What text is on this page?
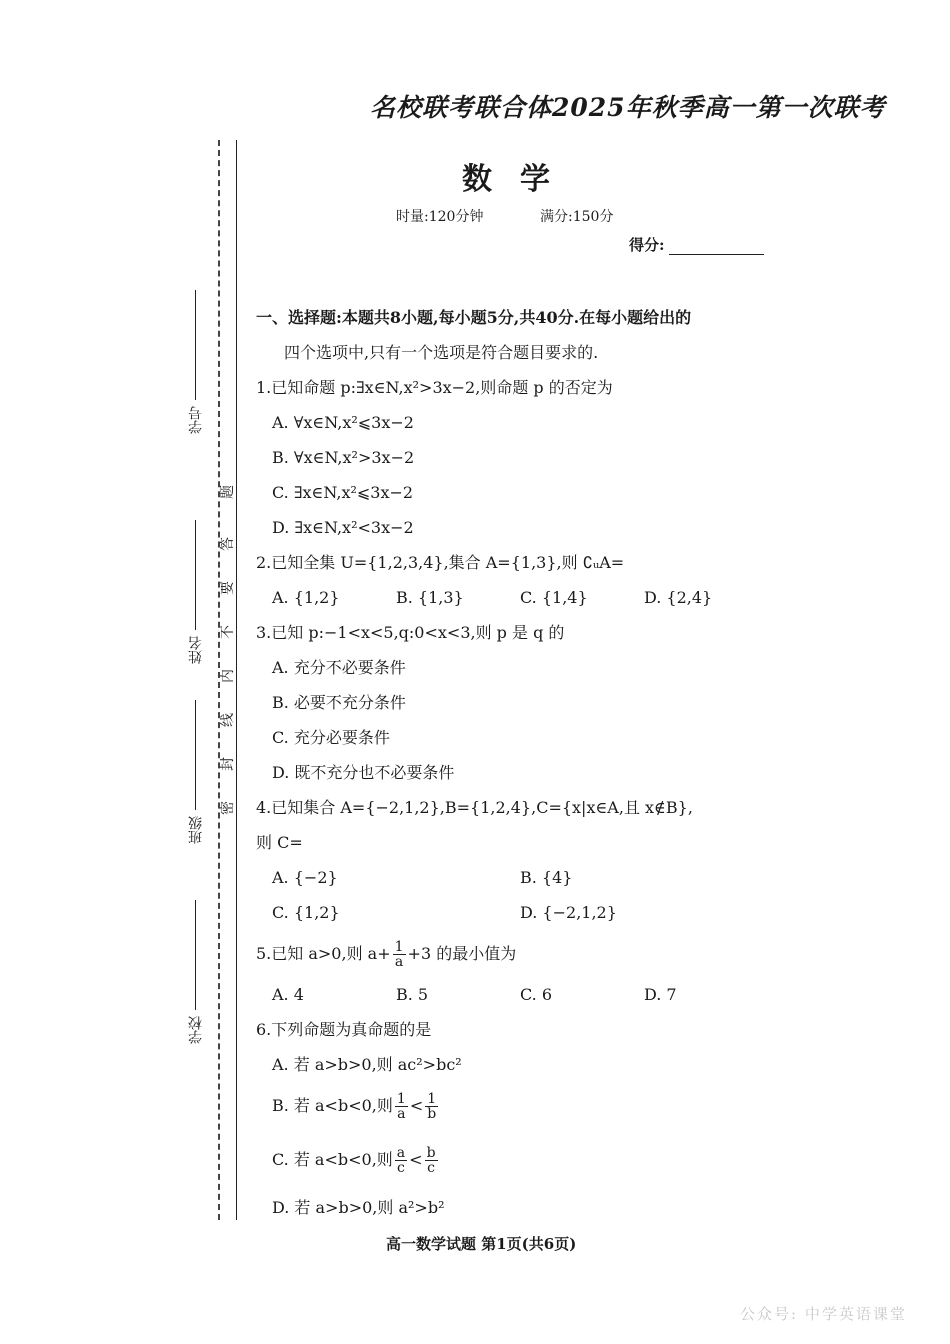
名校联考联合体2025年秋季高一第一次联考
数学
时量:120分钟	满分:150分
得分:
学号
姓名
班级
学校
密
封
线
内
不
要
答
题
一、选择题:本题共8小题,每小题5分,共40分.在每小题给出的
四个选项中,只有一个选项是符合题目要求的.
1.已知命题 p:∃x∈N,x²>3x−2,则命题 p 的否定为
A. ∀x∈N,x²⩽3x−2
B. ∀x∈N,x²>3x−2
C. ∃x∈N,x²⩽3x−2
D. ∃x∈N,x²<3x−2
2.已知全集 U={1,2,3,4},集合 A={1,3},则 ∁ᵤA=
A. {1,2}	B. {1,3}	C. {1,4}	D. {2,4}
3.已知 p:−1<x<5,q:0<x<3,则 p 是 q 的
A. 充分不必要条件
B. 必要不充分条件
C. 充分必要条件
D. 既不充分也不必要条件
4.已知集合 A={−2,1,2},B={1,2,4},C={x|x∈A,且 x∉B},
则 C=
A. {−2}	B. {4}
C. {1,2}	D. {−2,1,2}
5.已知 a>0,则 $a+ \frac{1}{a} +3$ 的最小值为
A. 4	B. 5	C. 6	D. 7
6.下列命题为真命题的是
A. 若 a>b>0,则 ac²>bc²
B. 若 a<b<0,则 $\frac{1}{a} < \frac{1}{b}$
C. 若 a<b<0,则 $\frac{a}{c} < \frac{b}{c}$
D. 若 a>b>0,则 a²>b²
高一数学试题 第1页(共6页)
公众号: 中学英语课堂
